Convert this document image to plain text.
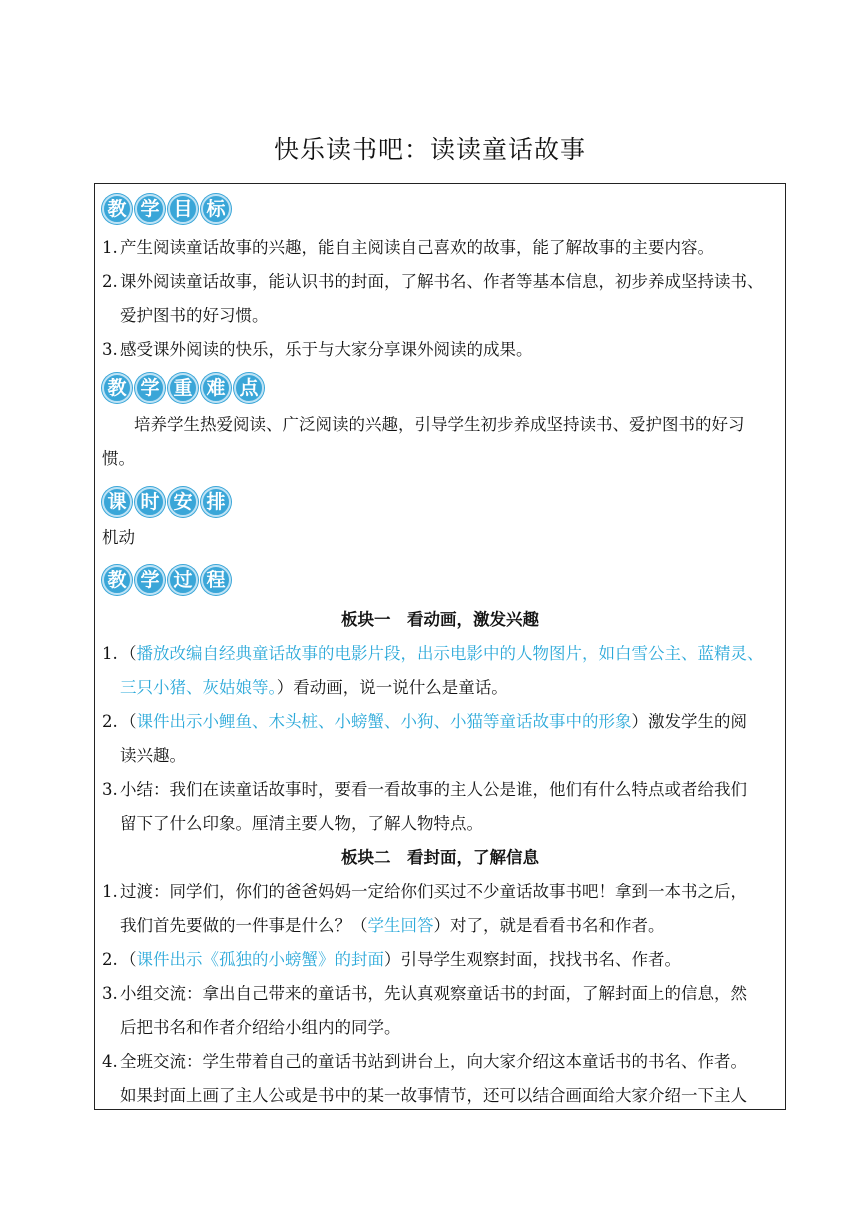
快乐读书吧：读读童话故事
教 学 目 标
1. 产生阅读童话故事的兴趣，能自主阅读自己喜欢的故事，能了解故事的主要内容。
2. 课外阅读童话故事，能认识书的封面，了解书名、作者等基本信息，初步养成坚持读书、
爱护图书的好习惯。
3. 感受课外阅读的快乐，乐于与大家分享课外阅读的成果。
教 学 重 难 点
培养学生热爱阅读、广泛阅读的兴趣，引导学生初步养成坚持读书、爱护图书的好习
惯。
课 时 安 排
机动
教 学 过 程
板块一　看动画，激发兴趣
1. （播放改编自经典童话故事的电影片段，出示电影中的人物图片，如白雪公主、蓝精灵、
三只小猪、灰姑娘等。）看动画，说一说什么是童话。
2. （课件出示小鲤鱼、木头桩、小螃蟹、小狗、小猫等童话故事中的形象）激发学生的阅
读兴趣。
3. 小结：我们在读童话故事时，要看一看故事的主人公是谁，他们有什么特点或者给我们
留下了什么印象。厘清主要人物，了解人物特点。
板块二　看封面，了解信息
1. 过渡：同学们，你们的爸爸妈妈一定给你们买过不少童话故事书吧！拿到一本书之后，
我们首先要做的一件事是什么？（学生回答）对了，就是看看书名和作者。
2. （课件出示《孤独的小螃蟹》的封面）引导学生观察封面，找找书名、作者。
3. 小组交流：拿出自己带来的童话书，先认真观察童话书的封面，了解封面上的信息，然
后把书名和作者介绍给小组内的同学。
4. 全班交流：学生带着自己的童话书站到讲台上，向大家介绍这本童话书的书名、作者。
如果封面上画了主人公或是书中的某一故事情节，还可以结合画面给大家介绍一下主人
